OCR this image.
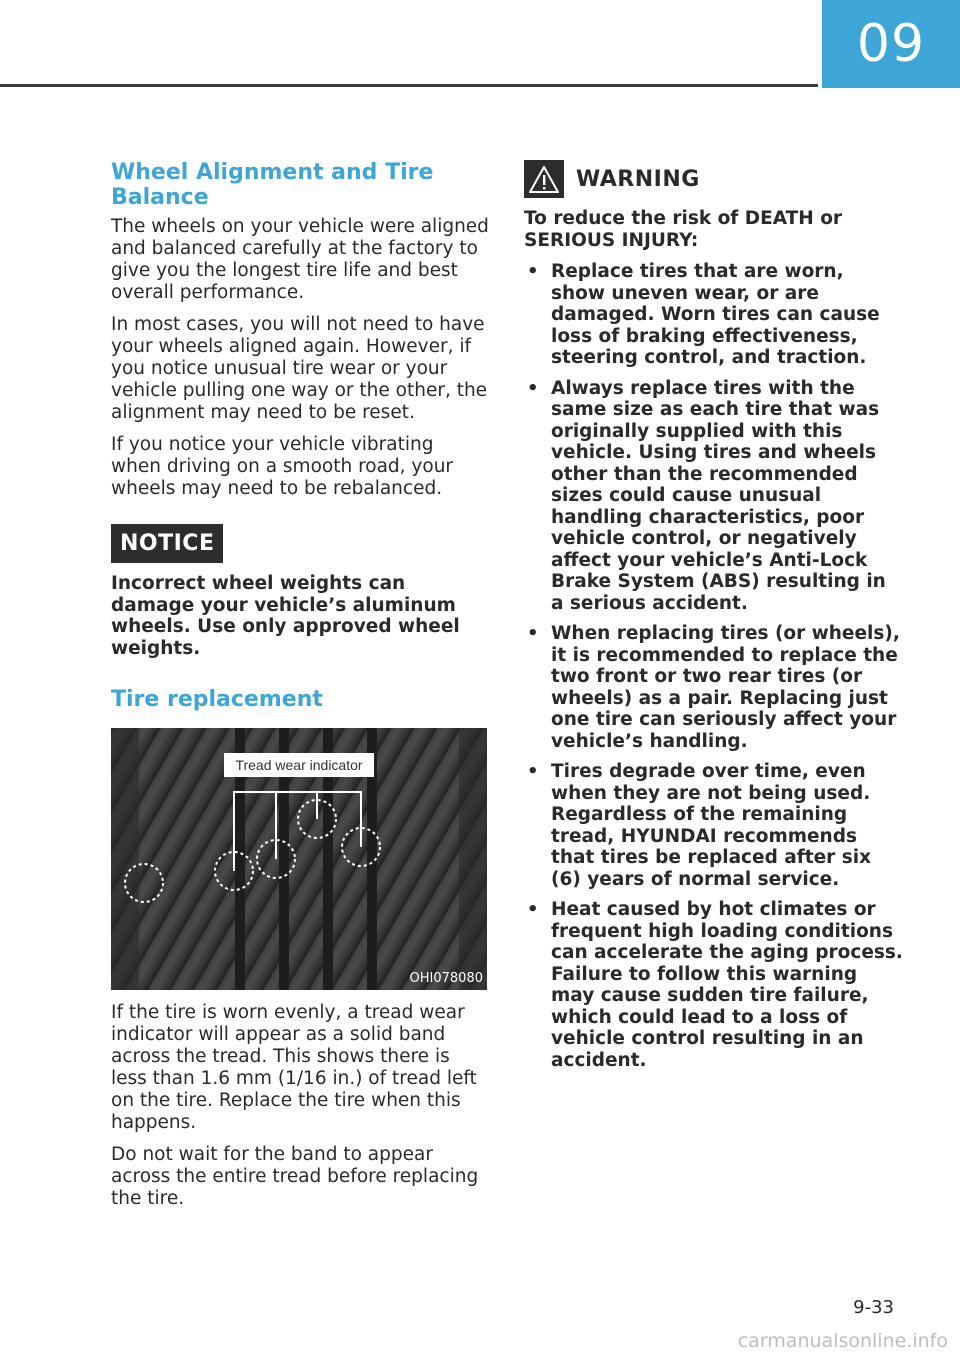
09
Wheel Alignment and Tire Balance

The wheels on your vehicle were aligned and balanced carefully at the factory to give you the longest tire life and best overall performance.

In most cases, you will not need to have your wheels aligned again. However, if you notice unusual tire wear or your vehicle pulling one way or the other, the alignment may need to be reset.

If you notice your vehicle vibrating when driving on a smooth road, your wheels may need to be rebalanced.

NOTICE
Incorrect wheel weights can damage your vehicle’s aluminum wheels. Use only approved wheel weights.
Tire replacement
Tread wear indicator
OHI078080

If the tire is worn evenly, a tread wear indicator will appear as a solid band across the tread. This shows there is less than 1.6 mm (1/16 in.) of tread left on the tire. Replace the tire when this happens.

Do not wait for the band to appear across the entire tread before replacing the tire.

WARNING
To reduce the risk of DEATH or SERIOUS INJURY:
• Replace tires that are worn, show uneven wear, or are damaged. Worn tires can cause loss of braking effectiveness, steering control, and traction.
• Always replace tires with the same size as each tire that was originally supplied with this vehicle. Using tires and wheels other than the recommended sizes could cause unusual handling characteristics, poor vehicle control, or negatively affect your vehicle’s Anti-Lock Brake System (ABS) resulting in a serious accident.
• When replacing tires (or wheels), it is recommended to replace the two front or two rear tires (or wheels) as a pair. Replacing just one tire can seriously affect your vehicle’s handling.
• Tires degrade over time, even when they are not being used. Regardless of the remaining tread, HYUNDAI recommends that tires be replaced after six (6) years of normal service.
• Heat caused by hot climates or frequent high loading conditions can accelerate the aging process. Failure to follow this warning may cause sudden tire failure, which could lead to a loss of vehicle control resulting in an accident.
9-33
carmanualsonline.info
